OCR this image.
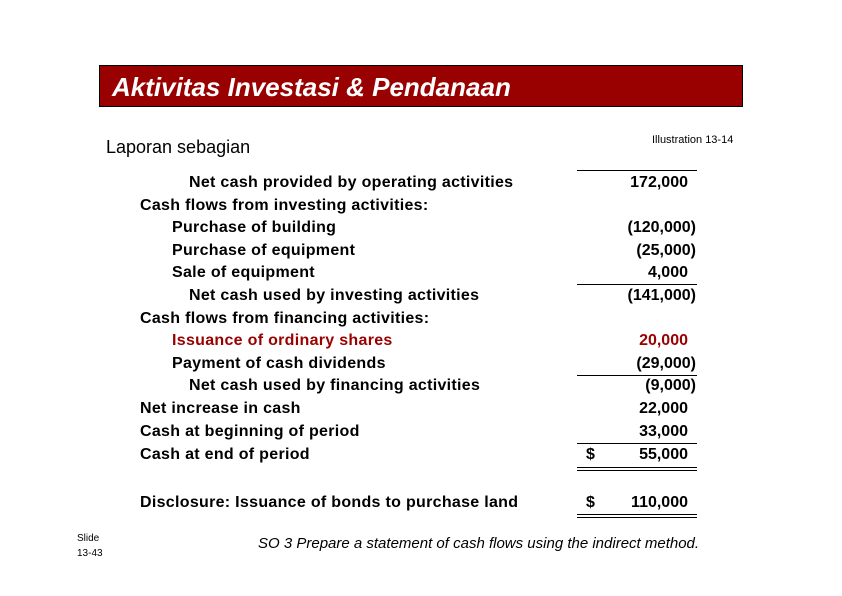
Aktivitas Investasi & Pendanaan
Laporan sebagian	Illustration 13-14
Net cash provided by operating activities
Cash flows from investing activities:
Purchase of building
Purchase of equipment
Sale of equipment
Net cash used by investing activities
Cash flows from financing activities:
Issuance of ordinary shares
Payment of cash dividends
Net cash used by financing activities
Net increase in cash
Cash at beginning of period
Cash at end of period
Disclosure: Issuance of bonds to purchase land
172,000
(120,000)
(25,000)
4,000
(141,000)
20,000
(29,000)
(9,000)
22,000
33,000
$	55,000
$ 110,000
Slide
13-43
SO 3 Prepare a statement of cash flows using the indirect method.
